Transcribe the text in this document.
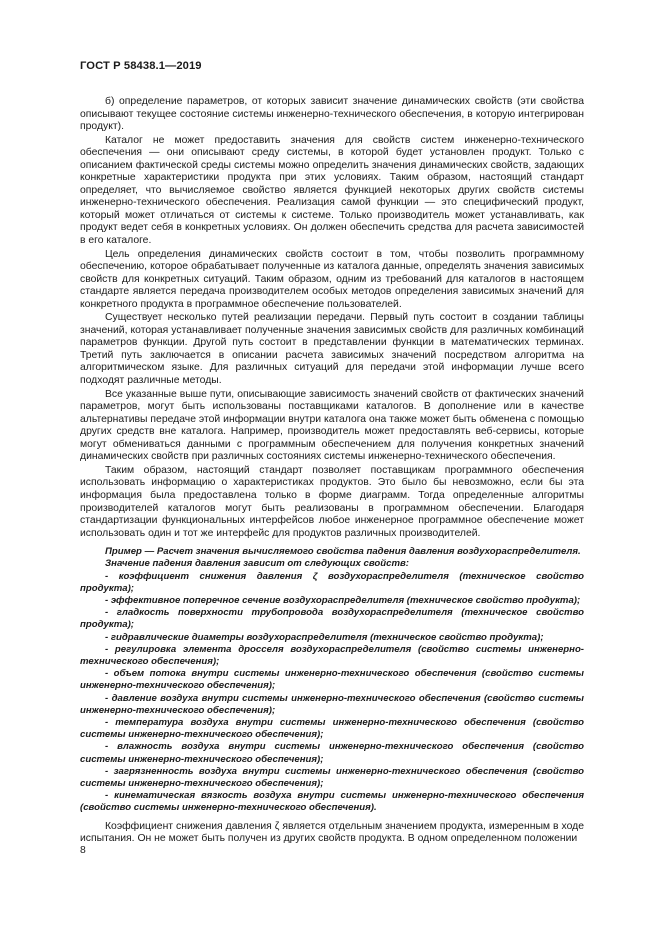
ГОСТ Р 58438.1—2019

б) определение параметров, от которых зависит значение динамических свойств (эти свойства описывают текущее состояние системы инженерно-технического обеспечения, в которую интегрирован продукт).

Каталог не может предоставить значения для свойств систем инженерно-технического обеспечения — они описывают среду системы, в которой будет установлен продукт. Только с описанием фактической среды системы можно определить значения динамических свойств, задающих конкретные характеристики продукта при этих условиях. Таким образом, настоящий стандарт определяет, что вычисляемое свойство является функцией некоторых других свойств системы инженерно-технического обеспечения. Реализация самой функции — это специфический продукт, который может отличаться от системы к системе. Только производитель может устанавливать, как продукт ведет себя в конкретных условиях. Он должен обеспечить средства для расчета зависимостей в его каталоге.

Цель определения динамических свойств состоит в том, чтобы позволить программному обеспечению, которое обрабатывает полученные из каталога данные, определять значения зависимых свойств для конкретных ситуаций. Таким образом, одним из требований для каталогов в настоящем стандарте является передача производителем особых методов определения зависимых значений для конкретного продукта в программное обеспечение пользователей.

Существует несколько путей реализации передачи. Первый путь состоит в создании таблицы значений, которая устанавливает полученные значения зависимых свойств для различных комбинаций параметров функции. Другой путь состоит в представлении функции в математических терминах. Третий путь заключается в описании расчета зависимых значений посредством алгоритма на алгоритмическом языке. Для различных ситуаций для передачи этой информации лучше всего подходят различные методы.

Все указанные выше пути, описывающие зависимость значений свойств от фактических значений параметров, могут быть использованы поставщиками каталогов. В дополнение или в качестве альтернативы передаче этой информации внутри каталога она также может быть обменена с помощью других средств вне каталога. Например, производитель может предоставлять веб-сервисы, которые могут обмениваться данными с программным обеспечением для получения конкретных значений динамических свойств при различных состояниях системы инженерно-технического обеспечения.

Таким образом, настоящий стандарт позволяет поставщикам программного обеспечения использовать информацию о характеристиках продуктов. Это было бы невозможно, если бы эта информация была предоставлена только в форме диаграмм. Тогда определенные алгоритмы производителей каталогов могут быть реализованы в программном обеспечении. Благодаря стандартизации функциональных интерфейсов любое инженерное программное обеспечение может использовать один и тот же интерфейс для продуктов различных производителей.

Пример — Расчет значения вычисляемого свойства падения давления воздухораспределителя.

Значение падения давления зависит от следующих свойств:

- коэффициент снижения давления ζ воздухораспределителя (техническое свойство продукта);

- эффективное поперечное сечение воздухораспределителя (техническое свойство продукта);

- гладкость поверхности трубопровода воздухораспределителя (техническое свойство продукта);

- гидравлические диаметры воздухораспределителя (техническое свойство продукта);

- регулировка элемента дросселя воздухораспределителя (свойство системы инженерно-технического обеспечения);

- объем потока внутри системы инженерно-технического обеспечения (свойство системы инженерно-технического обеспечения);

- давление воздуха внутри системы инженерно-технического обеспечения (свойство системы инженерно-технического обеспечения);

- температура воздуха внутри системы инженерно-технического обеспечения (свойство системы инженерно-технического обеспечения);

- влажность воздуха внутри системы инженерно-технического обеспечения (свойство системы инженерно-технического обеспечения);

- загрязненность воздуха внутри системы инженерно-технического обеспечения (свойство системы инженерно-технического обеспечения);

- кинематическая вязкость воздуха внутри системы инженерно-технического обеспечения (свойство системы инженерно-технического обеспечения).

Коэффициент снижения давления ζ является отдельным значением продукта, измеренным в ходе испытания. Он не может быть получен из других свойств продукта. В одном определенном положении

8
